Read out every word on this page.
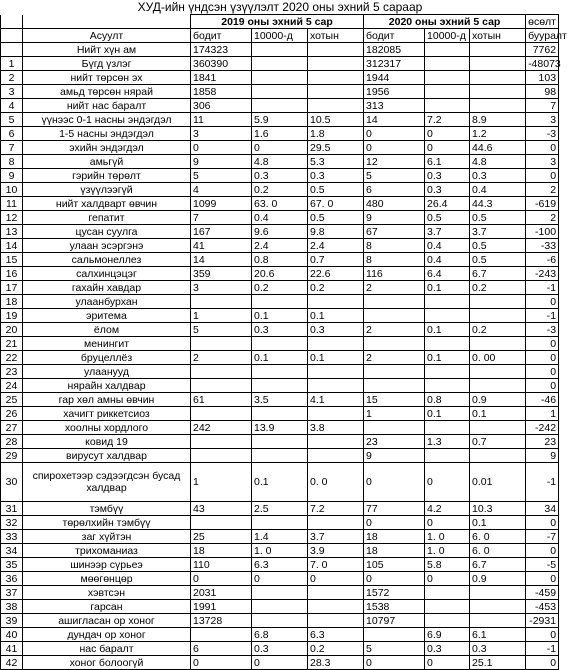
ХУД-ийн үндсэн үзүүлэлт 2020 оны эхний 5 сараар
		2019 оны эхний 5 сар			2020 оны эхний 5 сар			өсөлт
	Асуулт	бодит	10000-д	хотын	бодит	10000-д	хотын	бууралт
	Нийт хүн ам	174323			182085			7762
1	Бүгд үзлэг	360390			312317			-48073
2	нийт төрсөн эх	1841			1944			103
3	амьд төрсөн нярай	1858			1956			98
4	нийт нас баралт	306			313			7
5	үүнээс 0-1 насны эндэгдэл	11	5.9	10.5	14	7.2	8.9	3
6	1-5 насны эндэгдэл	3	1.6	1.8	0	0	1.2	-3
7	эхийн эндэгдэл	0	0	29.5	0	0	44.6	0
8	амьгүй	9	4.8	5.3	12	6.1	4.8	3
9	гэрийн төрөлт	5	0.3	0.3	5	0.3	0.3	0
10	үзүүлээгүй	4	0.2	0.5	6	0.3	0.4	2
11	нийт халдварт өвчин	1099	63. 0	67. 0	480	26.4	44.3	-619
12	гепатит	7	0.4	0.5	9	0.5	0.5	2
13	цусан суулга	167	9.6	9.8	67	3.7	3.7	-100
14	улаан эсэргэнэ	41	2.4	2.4	8	0.4	0.5	-33
15	сальмонеллез	14	0.8	0.7	8	0.4	0.5	-6
16	салхинцэцэг	359	20.6	22.6	116	6.4	6.7	-243
17	гахайн хавдар	3	0.2	0.2	2	0.1	0.2	-1
18	улаанбурхан							0
19	эритема	1	0.1	0.1				-1
20	ёлом	5	0.3	0.3	2	0.1	0.2	-3
21	менингит							0
22	бруцеллёз	2	0.1	0.1	2	0.1	0. 00	0
23	улаанууд							0
24	нярайн халдвар							0
25	гар хөл амны өвчин	61	3.5	4.1	15	0.8	0.9	-46
26	хачигт риккетсиоз				1	0.1	0.1	1
27	хоолны хордлого	242	13.9	3.8				-242
28	ковид 19				23	1.3	0.7	23
29	вирусут халдвар				9			9
30	спирохетээр сэдээгдсэн бусад халдвар	1	0.1	0. 0	0	0	0.01	-1
31	тэмбүү	43	2.5	7.2	77	4.2	10.3	34
32	төрөлхийн тэмбүү				0	0	0.1	0
33	заг хүйтэн	25	1.4	3.7	18	1. 0	6. 0	-7
34	трихоманиаз	18	1. 0	3.9	18	1. 0	6. 0	0
35	шинээр сүрьеэ	110	6.3	7. 0	105	5.8	6.7	-5
36	мөөгөнцөр	0	0	0	0	0	0.9	0
37	хэвтсэн	2031			1572			-459
38	гарсан	1991			1538			-453
39	ашигласан ор хоног	13728			10797			-2931
40	дундач ор хоног		6.8	6.3		6.9	6.1	0
41	нас баралт	6	0.3	0.2	5	0.3	0.3	-1
42	хоног болоогүй	0	0	28.3	0	0	25.1	0
